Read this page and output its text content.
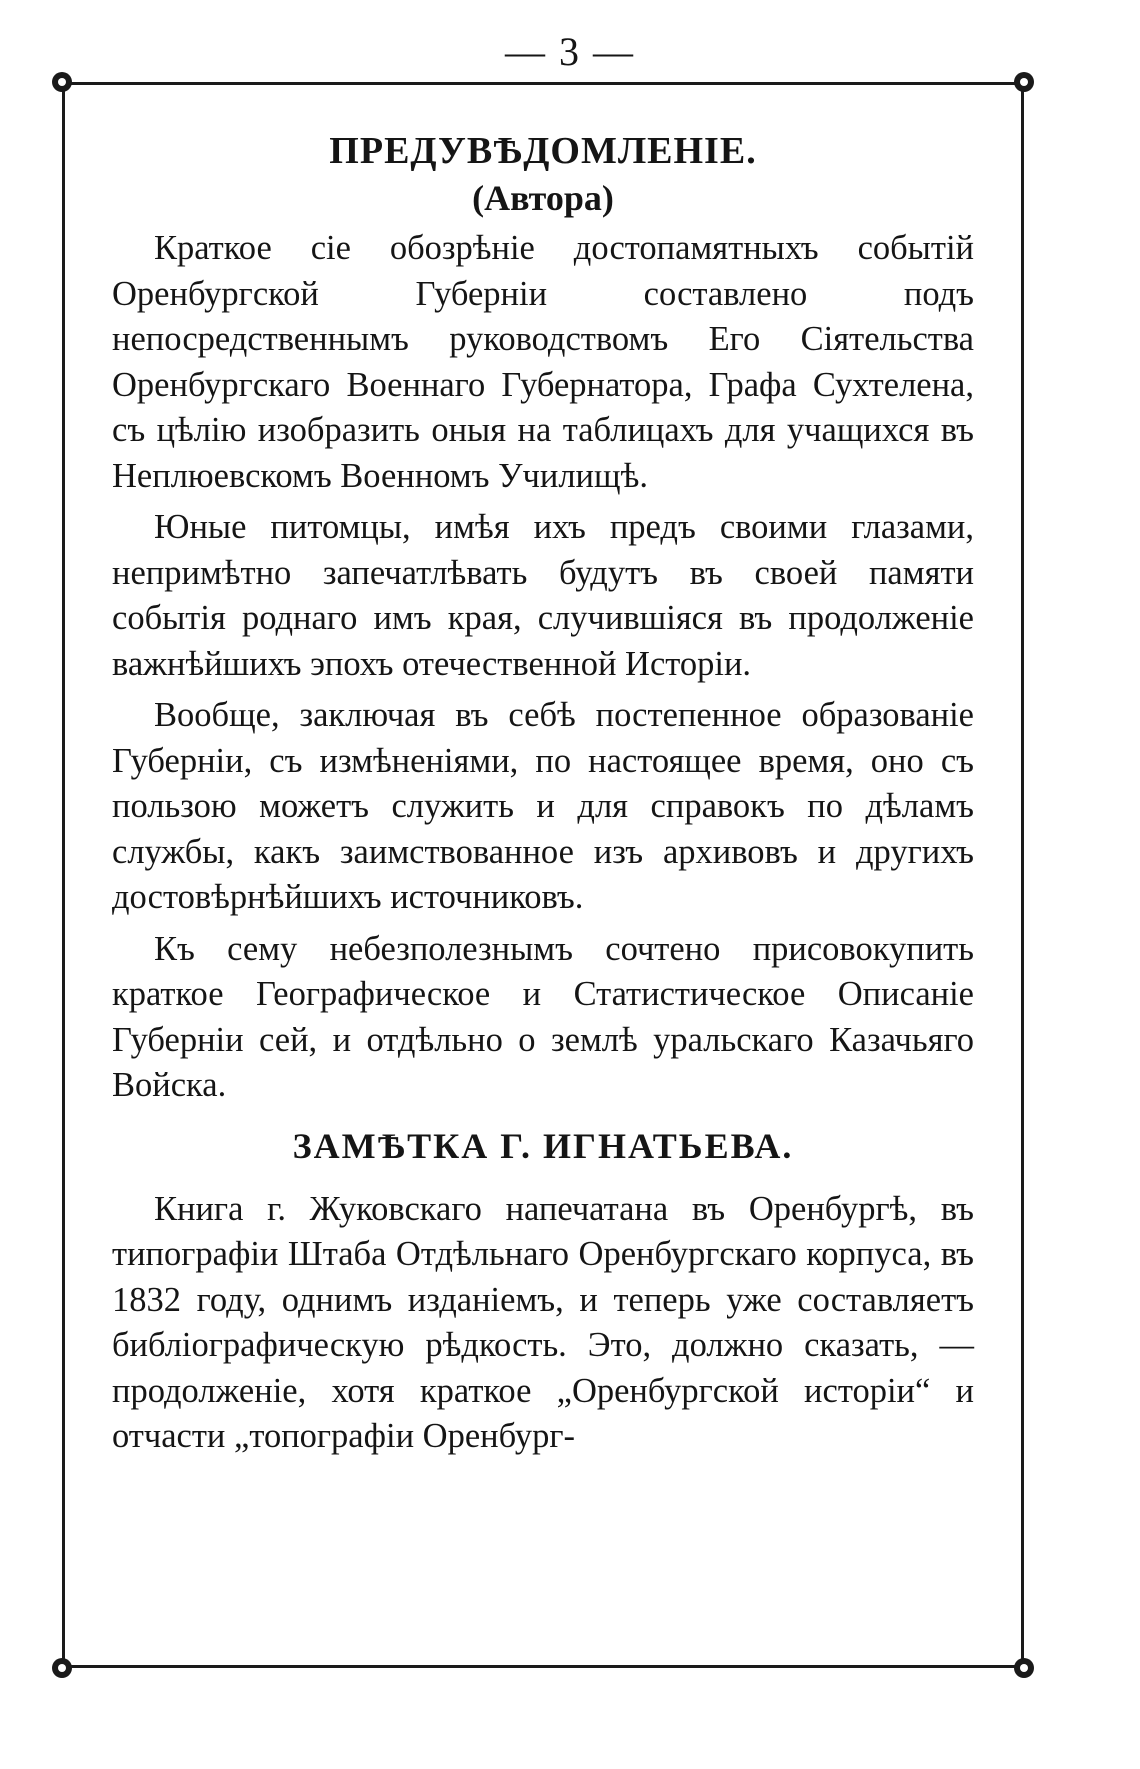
— 3 —
ПРЕДУВѢДОМЛЕНІЕ.
(Автора)

Краткое сіе обозрѣніе достопамятныхъ событій Оренбургской Губерніи составлено подъ непосредственнымъ руководствомъ Его Сіятельства Оренбургскаго Военнаго Губернатора, Графа Сухтелена, съ цѣлію изобразить оныя на таблицахъ для учащихся въ Неплюевскомъ Военномъ Училищѣ.

Юные питомцы, имѣя ихъ предъ своими глазами, непримѣтно запечатлѣвать будутъ въ своей памяти событія роднаго имъ края, случившіяся въ продолженіе важнѣйшихъ эпохъ отечественной Исторіи.

Вообще, заключая въ себѣ постепенное образованіе Губерніи, съ измѣненіями, по настоящее время, оно съ пользою можетъ служить и для справокъ по дѣламъ службы, какъ заимствованное изъ архивовъ и другихъ достовѣрнѣйшихъ источниковъ.

Къ сему небезполезнымъ сочтено присовокупить краткое Географическое и Статистическое Описаніе Губерніи сей, и отдѣльно о землѣ уральскаго Казачьяго Войска.

ЗАМѢТКА Г. ИГНАТЬЕВА.

Книга г. Жуковскаго напечатана въ Оренбургѣ, въ типографіи Штаба Отдѣльнаго Оренбургскаго корпуса, въ 1832 году, однимъ изданіемъ, и теперь уже составляетъ библіографическую рѣдкость. Это, должно сказать, —продолженіе, хотя краткое „Оренбургской исторіи“ и отчасти „топографіи Оренбург-
